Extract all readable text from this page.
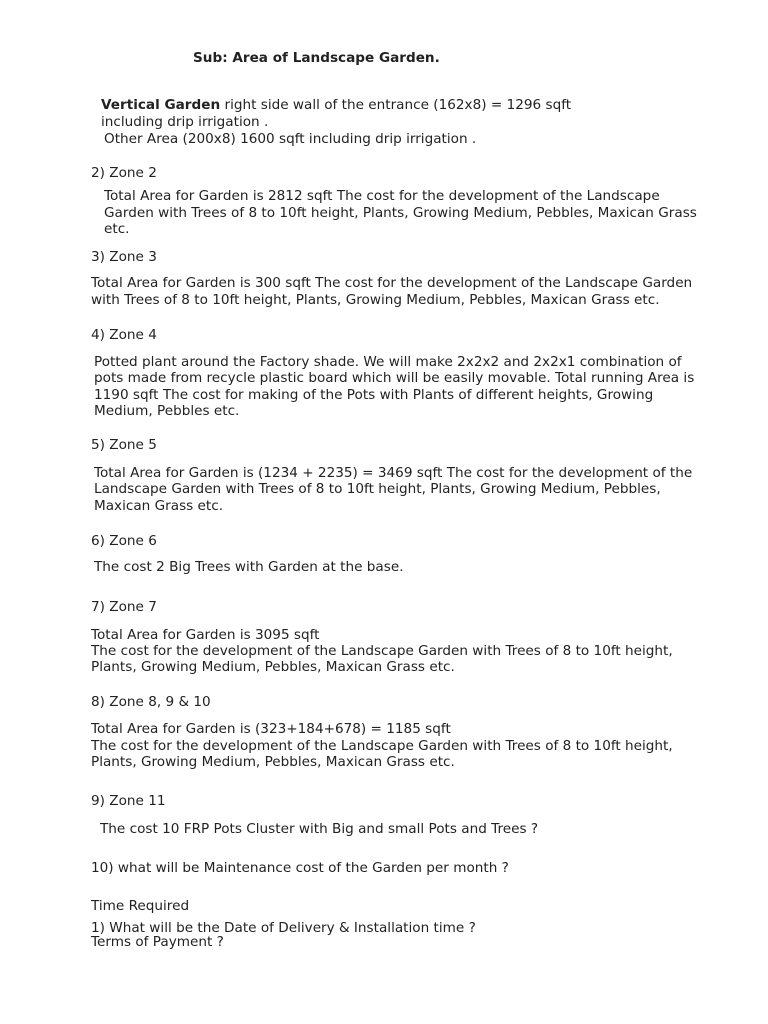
Sub: Area of Landscape Garden.

Vertical Garden right side wall of the entrance (162x8) = 1296 sqft

including drip irrigation .

Other Area (200x8) 1600 sqft including drip irrigation .

2) Zone 2

Total Area for Garden is 2812 sqft The cost for the development of the Landscape

Garden with Trees of 8 to 10ft height, Plants, Growing Medium, Pebbles, Maxican Grass

etc.

3) Zone 3

Total Area for Garden is 300 sqft The cost for the development of the Landscape Garden

with Trees of 8 to 10ft height, Plants, Growing Medium, Pebbles, Maxican Grass etc.

4) Zone 4

Potted plant around the Factory shade. We will make 2x2x2 and 2x2x1 combination of

pots made from recycle plastic board which will be easily movable. Total running Area is

1190 sqft The cost for making of the Pots with Plants of different heights, Growing

Medium, Pebbles etc.

5) Zone 5

Total Area for Garden is (1234 + 2235) = 3469 sqft The cost for the development of the

Landscape Garden with Trees of 8 to 10ft height, Plants, Growing Medium, Pebbles,

Maxican Grass etc.

6) Zone 6

The cost 2 Big Trees with Garden at the base.

7) Zone 7

Total Area for Garden is 3095 sqft

The cost for the development of the Landscape Garden with Trees of 8 to 10ft height,

Plants, Growing Medium, Pebbles, Maxican Grass etc.

8) Zone 8, 9 & 10

Total Area for Garden is (323+184+678) = 1185 sqft

The cost for the development of the Landscape Garden with Trees of 8 to 10ft height,

Plants, Growing Medium, Pebbles, Maxican Grass etc.

9) Zone 11

The cost 10 FRP Pots Cluster with Big and small Pots and Trees ?

10) what will be Maintenance cost of the Garden per month ?

Time Required

1) What will be the Date of Delivery & Installation time ?

Terms of Payment ?
